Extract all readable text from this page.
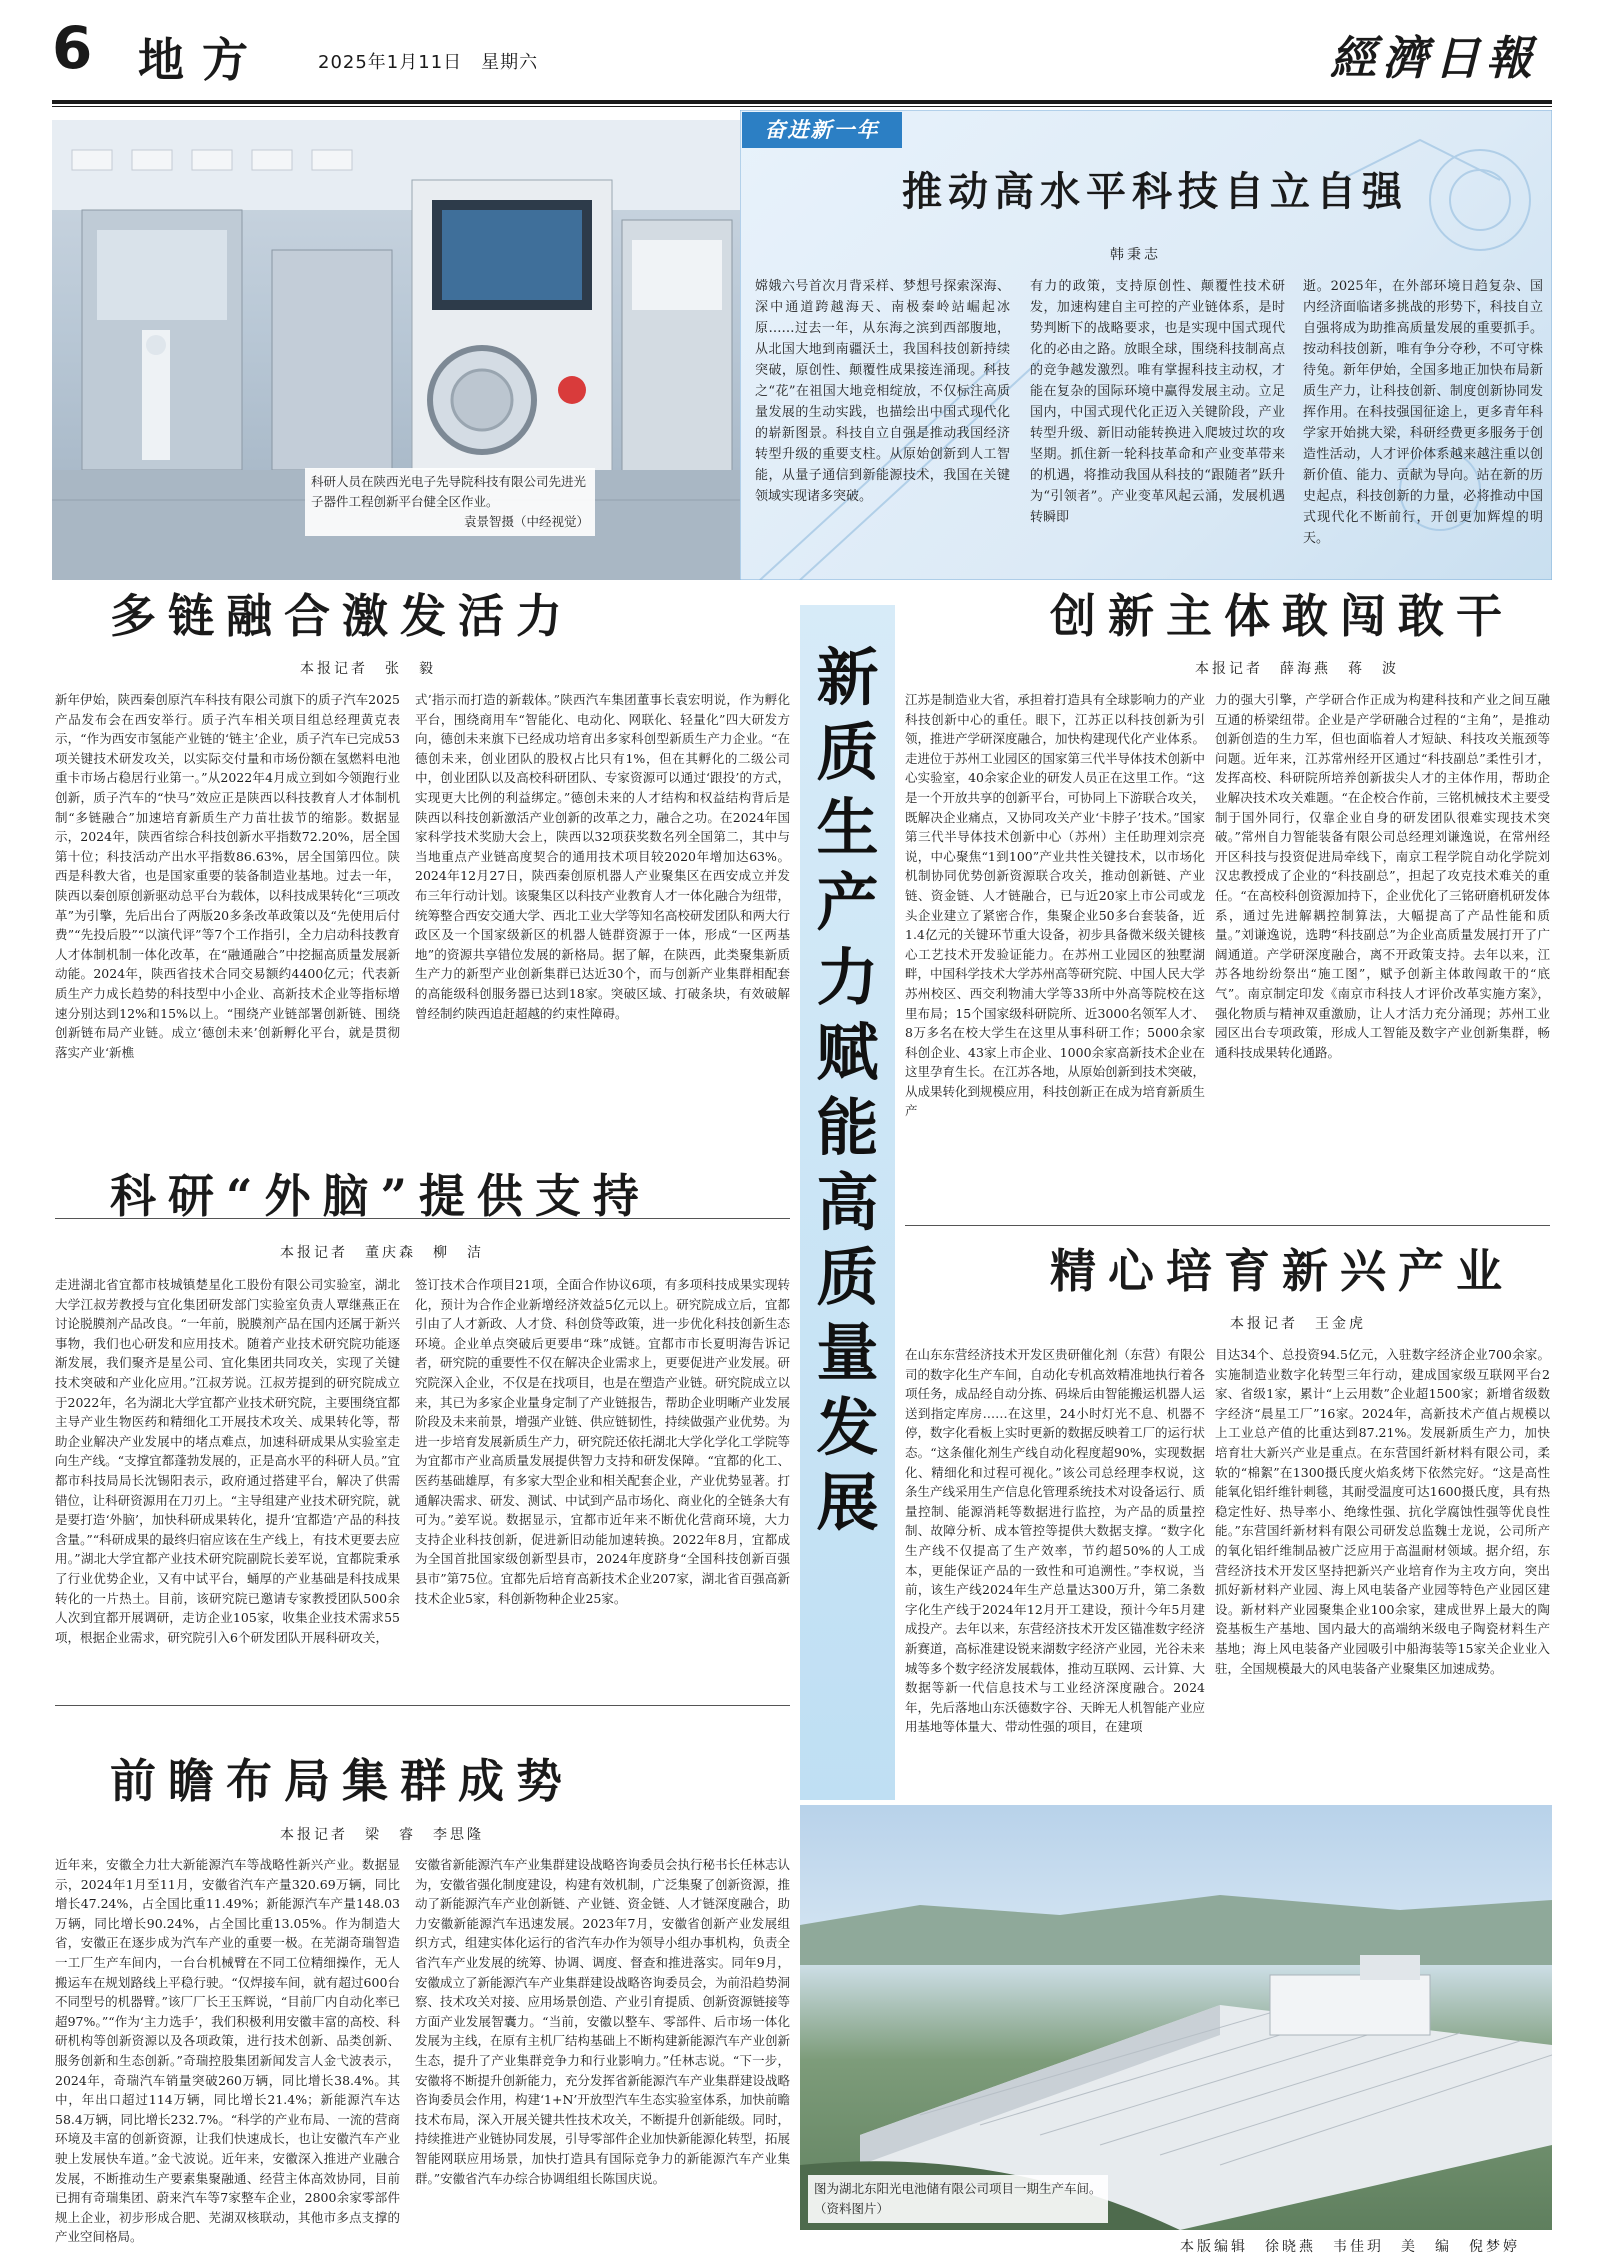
6 地方	2025年1月11日　星期六	經濟日報
科研人员在陕西光电子先导院科技有限公司先进光子器件工程创新平台健全区作业。
袁景智摄（中经视觉）
奋进新一年
推动高水平科技自立自强
韩秉志
嫦娥六号首次月背采样、梦想号探索深海、深中通道跨越海天、南极秦岭站崛起冰原……过去一年，从东海之滨到西部腹地，从北国大地到南疆沃土，我国科技创新持续突破，原创性、颠覆性成果接连涌现。科技之“花”在祖国大地竞相绽放，不仅标注高质量发展的生动实践，也描绘出中国式现代化的崭新图景。科技自立自强是推动我国经济转型升级的重要支柱。从原始创新到人工智能，从量子通信到新能源技术，我国在关键领域实现诸多突破。
有力的政策，支持原创性、颠覆性技术研发，加速构建自主可控的产业链体系，是时势判断下的战略要求，也是实现中国式现代化的必由之路。放眼全球，围绕科技制高点的竞争越发激烈。唯有掌握科技主动权，才能在复杂的国际环境中赢得发展主动。立足国内，中国式现代化正迈入关键阶段，产业转型升级、新旧动能转换进入爬坡过坎的攻坚期。抓住新一轮科技革命和产业变革带来的机遇，将推动我国从科技的“跟随者”跃升为“引领者”。产业变革风起云涌，发展机遇转瞬即
逝。2025年，在外部环境日趋复杂、国内经济面临诸多挑战的形势下，科技自立自强将成为助推高质量发展的重要抓手。按动科技创新，唯有争分夺秒，不可守株待兔。新年伊始，全国多地正加快布局新质生产力，让科技创新、制度创新协同发挥作用。在科技强国征途上，更多青年科学家开始挑大梁，科研经费更多服务于创造性活动，人才评价体系越来越注重以创新价值、能力、贡献为导向。站在新的历史起点，科技创新的力量，必将推动中国式现代化不断前行，开创更加辉煌的明天。
新质生产力赋能高质量发展
多链融合激发活力
本报记者　张　毅
新年伊始，陕西秦创原汽车科技有限公司旗下的质子汽车2025产品发布会在西安举行。质子汽车相关项目组总经理黄克表示，“作为西安市氢能产业链的‘链主’企业，质子汽车已完成53项关键技术研发攻关，以实际交付量和市场份额在氢燃料电池重卡市场占稳居行业第一。”从2022年4月成立到如今领跑行业创新，质子汽车的“快马”效应正是陕西以科技教育人才体制机制“多链融合”加速培育新质生产力苗壮拔节的缩影。数据显示，2024年，陕西省综合科技创新水平指数72.20%，居全国第十位；科技活动产出水平指数86.63%，居全国第四位。陕西是科教大省，也是国家重要的装备制造业基地。过去一年，陕西以秦创原创新驱动总平台为载体，以科技成果转化“三项改革”为引擎，先后出台了两版20多条改革政策以及“先使用后付费”“先投后股”“以演代评”等7个工作指引，全力启动科技教育人才体制机制一体化改革，在“融通融合”中挖掘高质量发展新动能。2024年，陕西省技术合同交易额约4400亿元；代表新质生产力成长趋势的科技型中小企业、高新技术企业等指标增速分别达到12%和15%以上。“围绕产业链部署创新链、围绕创新链布局产业链。成立‘德创未来’创新孵化平台，就是贯彻落实产业‘新樵
式’指示而打造的新载体。”陕西汽车集团董事长袁宏明说，作为孵化平台，围绕商用车“智能化、电动化、网联化、轻量化”四大研发方向，德创未来旗下已经成功培育出多家科创型新质生产力企业。“在德创未来，创业团队的股权占比只有1%，但在其孵化的二级公司中，创业团队以及高校科研团队、专家资源可以通过‘跟投’的方式，实现更大比例的利益绑定。”德创未来的人才结构和权益结构背后是陕西以科技创新激活产业创新的改革之力，融合之功。在2024年国家科学技术奖励大会上，陕西以32项获奖数名列全国第二，其中与当地重点产业链高度契合的通用技术项目较2020年增加达63%。2024年12月27日，陕西秦创原机器人产业聚集区在西安成立并发布三年行动计划。该聚集区以科技产业教育人才一体化融合为纽带，统筹整合西安交通大学、西北工业大学等知名高校研发团队和两大行政区及一个国家级新区的机器人链群资源于一体，形成“一区两基地”的资源共享错位发展的新格局。据了解，在陕西，此类聚集新质生产力的新型产业创新集群已达近30个，而与创新产业集群相配套的高能级科创服务器已达到18家。突破区域、打破条块，有效破解曾经制约陕西追赶超越的约束性障碍。
科研“外脑”提供支持
本报记者　董庆森　柳　洁
走进湖北省宜都市枝城镇楚星化工股份有限公司实验室，湖北大学江叔芳教授与宜化集团研发部门实验室负责人覃继燕正在讨论脱膜剂产品改良。“一年前，脱膜剂产品在国内还属于新兴事物，我们也心研发和应用技术。随着产业技术研究院功能逐渐发展，我们聚齐是星公司、宜化集团共同攻关，实现了关键技术突破和产业化应用。”江叔芳说。江叔芳提到的研究院成立于2022年，名为湖北大学宜都产业技术研究院，主要围绕宜都主导产业生物医药和精细化工开展技术攻关、成果转化等，帮助企业解决产业发展中的堵点难点，加速科研成果从实验室走向生产线。“支撑宜都蓬勃发展的，正是高水平的科研人员。”宜都市科技局局长沈锡阳表示，政府通过搭建平台，解决了供需错位，让科研资源用在刀刃上。“主导组建产业技术研究院，就是要打造‘外脑’，加快科研成果转化，提升‘宜都造’产品的科技含量。”“科研成果的最终归宿应该在生产线上，有技术更要去应用。”湖北大学宜都产业技术研究院副院长姜军说，宜都院秉承了行业优势企业，又有中试平台，蛹厚的产业基础是科技成果转化的一片热土。目前，该研究院已邀请专家教授团队500余人次到宜都开展调研，走访企业105家，收集企业技术需求55项，根据企业需求，研究院引入6个研发团队开展科研攻关，
签订技术合作项目21项，全面合作协议6项，有多项科技成果实现转化，预计为合作企业新增经济效益5亿元以上。研究院成立后，宜都引由了人才新政、人才贷、科创贷等政策，进一步优化科技创新生态环境。企业单点突破后更要串“珠”成链。宜都市市长夏明海告诉记者，研究院的重要性不仅在解决企业需求上，更要促进产业发展。研究院深入企业，不仅是在找项目，也是在塑造产业链。研究院成立以来，其已为多家企业量身定制了产业链报告，帮助企业明晰产业发展阶段及未来前景，增强产业链、供应链韧性，持续做强产业优势。为进一步培育发展新质生产力，研究院还依托湖北大学化学化工学院等为宜都市产业高质量发展提供智力支持和研发保障。“宜都的化工、医药基础雄厚，有多家大型企业和相关配套企业，产业优势显著。打通解决需求、研发、测试、中试到产品市场化、商业化的全链条大有可为。”姜军说。数据显示，宜都市近年来不断优化营商环境，大力支持企业科技创新，促进新旧动能加速转换。2022年8月，宜都成为全国首批国家级创新型县市，2024年度跻身“全国科技创新百强县市”第75位。宜都先后培育高新技术企业207家，湖北省百强高新技术企业5家，科创新物种企业25家。
前瞻布局集群成势
本报记者　梁　睿　李思隆
近年来，安徽全力壮大新能源汽车等战略性新兴产业。数据显示，2024年1月至11月，安徽省汽车产量320.69万辆，同比增长47.24%，占全国比重11.49%；新能源汽车产量148.03万辆，同比增长90.24%，占全国比重13.05%。作为制造大省，安徽正在逐步成为汽车产业的重要一极。在芜湖奇瑞智造一工厂生产车间内，一台台机械臂在不同工位精细操作，无人搬运车在规划路线上平稳行驶。“仅焊接车间，就有超过600台不同型号的机器臂。”该厂厂长王玉辉说，“目前厂内自动化率已超97%。”“作为‘主力选手’，我们积极利用安徽丰富的高校、科研机构等创新资源以及各项政策，进行技术创新、品类创新、服务创新和生态创新。”奇瑞控股集团新闻发言人金弋波表示，2024年，奇瑞汽车销量突破260万辆，同比增长38.4%。其中，年出口超过114万辆，同比增长21.4%；新能源汽车达58.4万辆，同比增长232.7%。“科学的产业布局、一流的营商环境及丰富的创新资源，让我们快速成长，也让安徽汽车产业驶上发展快车道。”金弋波说。近年来，安徽深入推进产业融合发展，不断推动生产要素集聚融通、经营主体高效协同，目前已拥有奇瑞集团、蔚来汽车等7家整车企业，2800余家零部件规上企业，初步形成合肥、芜湖双核联动，其他市多点支撑的产业空间格局。
安徽省新能源汽车产业集群建设战略咨询委员会执行秘书长任林志认为，安徽省强化制度建设，构建有效机制，广泛集聚了创新资源，推动了新能源汽车产业创新链、产业链、资金链、人才链深度融合，助力安徽新能源汽车迅速发展。2023年7月，安徽省创新产业发展组织方式，组建实体化运行的省汽车办作为领导小组办事机构，负责全省汽车产业发展的统筹、协调、调度、督查和推进落实。同年9月，安徽成立了新能源汽车产业集群建设战略咨询委员会，为前沿趋势洞察、技术攻关对接、应用场景创造、产业引育提质、创新资源链接等方面产业发展智囊力。“当前，安徽以整车、零部件、后市场一体化发展为主线，在原有主机厂结构基础上不断构建新能源汽车产业创新生态，提升了产业集群竞争力和行业影响力。”任林志说。“下一步，安徽将不断提升创新能力，充分发挥省新能源汽车产业集群建设战略咨询委员会作用，构建‘1+N’开放型汽车生态实验室体系，加快前瞻技术布局，深入开展关键共性技术攻关，不断提升创新能级。同时，持续推进产业链协同发展，引导零部件企业加快新能源化转型，拓展智能网联应用场景，加快打造具有国际竞争力的新能源汽车产业集群。”安徽省汽车办综合协调组组长陈国庆说。
创新主体敢闯敢干
本报记者　薛海燕　蒋　波
江苏是制造业大省，承担着打造具有全球影响力的产业科技创新中心的重任。眼下，江苏正以科技创新为引领，推进产学研深度融合，加快构建现代化产业体系。走进位于苏州工业园区的国家第三代半导体技术创新中心实验室，40余家企业的研发人员正在这里工作。“这是一个开放共享的创新平台，可协同上下游联合攻关，既解决企业痛点，又协同攻关产业‘卡脖子’技术。”国家第三代半导体技术创新中心（苏州）主任助理刘宗亮说，中心聚焦“1到100”产业共性关键技术，以市场化机制协同优势创新资源联合攻关，推动创新链、产业链、资金链、人才链融合，已与近20家上市公司或龙头企业建立了紧密合作，集聚企业50多台套装备，近1.4亿元的关键环节重大设备，初步具备微米级关键核心工艺技术开发验证能力。在苏州工业园区的独墅湖畔，中国科学技术大学苏州高等研究院、中国人民大学苏州校区、西交利物浦大学等33所中外高等院校在这里布局；15个国家级科研院所、近3000名领军人才、8万多名在校大学生在这里从事科研工作；5000余家科创企业、43家上市企业、1000余家高新技术企业在这里孕育生长。在江苏各地，从原始创新到技术突破，从成果转化到规模应用，科技创新正在成为培育新质生产
力的强大引擎，产学研合作正成为构建科技和产业之间互融互通的桥梁纽带。企业是产学研融合过程的“主角”，是推动创新创造的生力军，但也面临着人才短缺、科技攻关瓶颈等问题。近年来，江苏常州经开区通过“科技副总”柔性引才，发挥高校、科研院所培养创新拔尖人才的主体作用，帮助企业解决技术攻关难题。“在企校合作前，三铭机械技术主要受制于国外同行，仅靠企业自身的研发团队很难实现技术突破。”常州自力智能装备有限公司总经理刘谦逸说，在常州经开区科技与投资促进局牵线下，南京工程学院自动化学院刘汉忠教授成了企业的“科技副总”，担起了攻克技术难关的重任。“在高校科创资源加持下，企业优化了三铭研磨机研发体系，通过先进解耦控制算法，大幅提高了产品性能和质量。”刘谦逸说，选聘“科技副总”为企业高质量发展打开了广阔通道。产学研深度融合，离不开政策支持。去年以来，江苏各地纷纷祭出“施工图”，赋予创新主体敢闯敢干的“底气”。南京制定印发《南京市科技人才评价改革实施方案》，强化物质与精神双重激励，让人才活力充分涌现；苏州工业园区出台专项政策，形成人工智能及数字产业创新集群，畅通科技成果转化通路。
精心培育新兴产业
本报记者　王金虎
在山东东营经济技术开发区贵研催化剂（东营）有限公司的数字化生产车间，自动化专机高效精准地执行着各项任务，成品经自动分拣、码垛后由智能搬运机器人运送到指定库房……在这里，24小时灯光不息、机器不停，数字化看板上实时更新的数据反映着工厂的运行状态。“这条催化剂生产线自动化程度超90%，实现数据化、精细化和过程可视化。”该公司总经理李权说，这条生产线采用生产信息化管理系统技术对设备运行、质量控制、能源消耗等数据进行监控，为产品的质量控制、故障分析、成本管控等提供大数据支撑。“数字化生产线不仅提高了生产效率，节约超50%的人工成本，更能保证产品的一致性和可追溯性。”李权说，当前，该生产线2024年生产总量达300万升，第二条数字化生产线于2024年12月开工建设，预计今年5月建成投产。去年以来，东营经济技术开发区锚准数字经济新赛道，高标准建设锐来湖数字经济产业园，光谷未来城等多个数字经济发展载体，推动互联网、云计算、大数据等新一代信息技术与工业经济深度融合。2024年，先后落地山东沃德数字谷、天眸无人机智能产业应用基地等体量大、带动性强的项目，在建项
目达34个、总投资94.5亿元，入驻数字经济企业700余家。实施制造业数字化转型三年行动，建成国家级互联网平台2家、省级1家，累计“上云用数”企业超1500家；新增省级数字经济“晨星工厂”16家。2024年，高新技术产值占规模以上工业总产值的比重达到87.21%。发展新质生产力，加快培育壮大新兴产业是重点。在东营国纤新材料有限公司，柔软的“棉絮”在1300摄氏度火焰炙烤下依然完好。“这是高性能氧化铝纤维针刺毯，其耐受温度可达1600摄氏度，具有热稳定性好、热导率小、绝缘性强、抗化学腐蚀性强等优良性能。”东营国纤新材料有限公司研发总监魏士龙说，公司所产的氧化铝纤维制品被广泛应用于高温耐材领域。据介绍，东营经济技术开发区坚持把新兴产业培育作为主攻方向，突出抓好新材料产业园、海上风电装备产业园等特色产业园区建设。新材料产业园聚集企业100余家，建成世界上最大的陶瓷基板生产基地、国内最大的高端纳米级电子陶瓷材料生产基地；海上风电装备产业园吸引中船海装等15家关企业业入驻，全国规模最大的风电装备产业聚集区加速成势。
图为湖北东阳光电池储有限公司项目一期生产车间。 （资料图片）
本版编辑　徐晓燕　韦佳玥　美　编　倪梦婷
